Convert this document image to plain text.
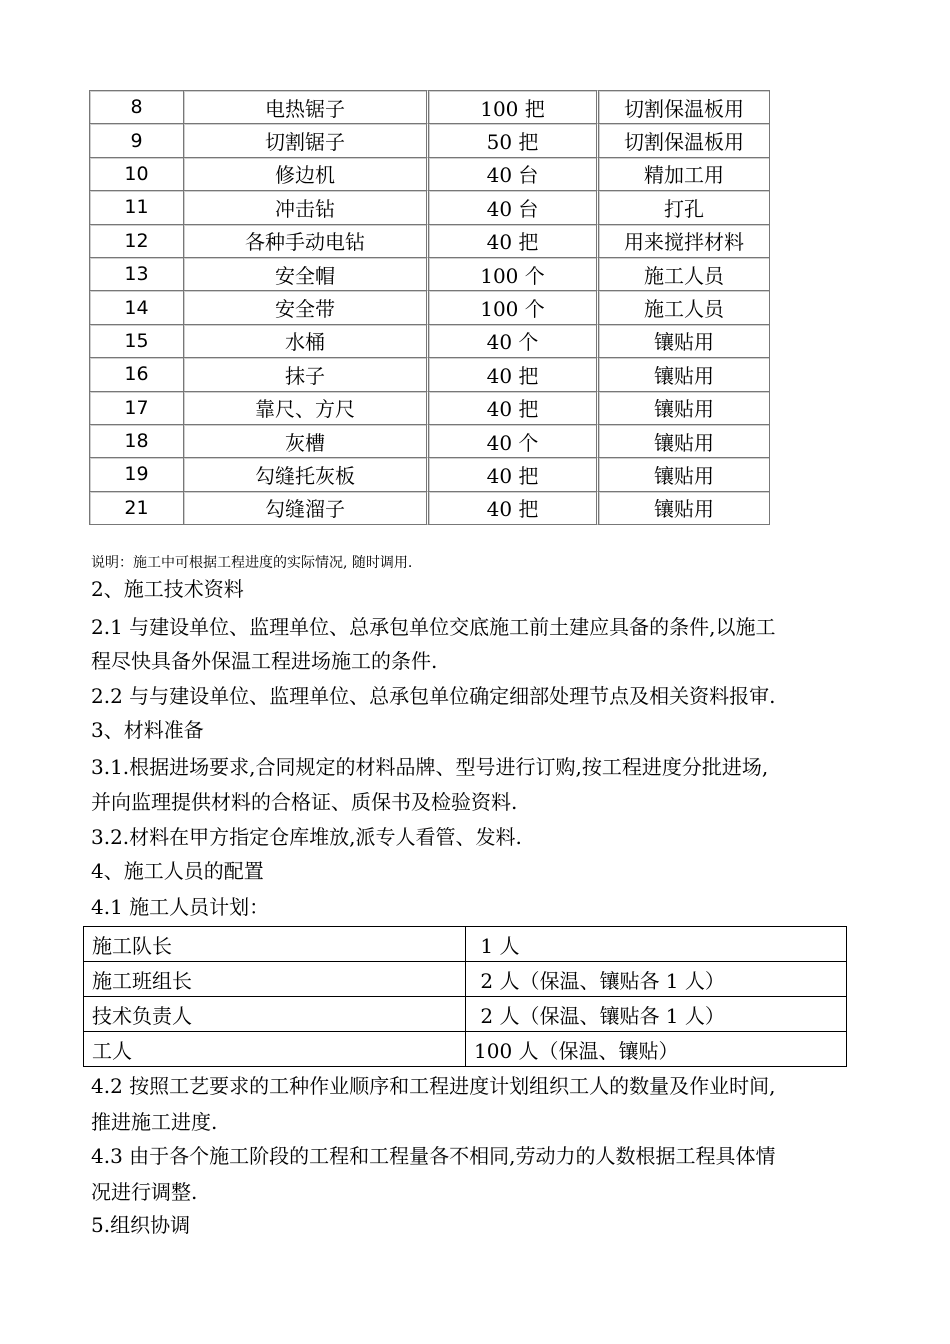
8	电热锯子	100 把	切割保温板用
9	切割锯子	50 把	切割保温板用
10	修边机	40 台	精加工用
11	冲击钻	40 台	打孔
12	各种手动电钻	40 把	用来搅拌材料
13	安全帽	100 个	施工人员
14	安全带	100 个	施工人员
15	水桶	40 个	镶贴用
16	抹子	40 把	镶贴用
17	靠尺、方尺	40 把	镶贴用
18	灰槽	40 个	镶贴用
19	勾缝托灰板	40 把	镶贴用
21	勾缝溜子	40 把	镶贴用
说明：施工中可根据工程进度的实际情况, 随时调用.
2、施工技术资料
2.1 与建设单位、监理单位、总承包单位交底施工前土建应具备的条件,以施工
程尽快具备外保温工程进场施工的条件.
2.2 与与建设单位、监理单位、总承包单位确定细部处理节点及相关资料报审.
3、材料准备
3.1.根据进场要求,合同规定的材料品牌、型号进行订购,按工程进度分批进场,
并向监理提供材料的合格证、质保书及检验资料.
3.2.材料在甲方指定仓库堆放,派专人看管、发料.
4、施工人员的配置
4.1 施工人员计划：
施工队长	1 人
施工班组长	2 人（保温、镶贴各 1 人）
技术负责人	2 人（保温、镶贴各 1 人）
工人	100 人（保温、镶贴）
4.2 按照工艺要求的工种作业顺序和工程进度计划组织工人的数量及作业时间,
推进施工进度.
4.3 由于各个施工阶段的工程和工程量各不相同,劳动力的人数根据工程具体情
况进行调整.
5.组织协调
